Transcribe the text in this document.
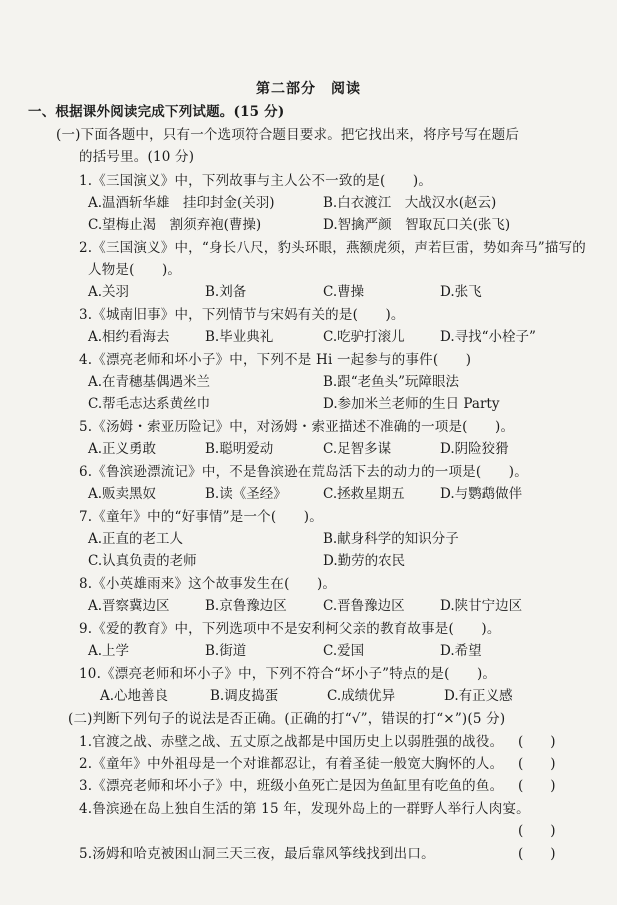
第二部分　阅读
一、根据课外阅读完成下列试题。(15 分)
(一)下面各题中，只有一个选项符合题目要求。把它找出来，将序号写在题后
的括号里。(10 分)
1.《三国演义》中，下列故事与主人公不一致的是(　　)。
A.温酒斩华雄　挂印封金(关羽)	B.白衣渡江　大战汉水(赵云)
C.望梅止渴　割须弃袍(曹操)	D.智擒严颜　智取瓦口关(张飞)
2.《三国演义》中，“身长八尺，豹头环眼，燕额虎须，声若巨雷，势如奔马”描写的
人物是(　　)。
A.关羽	B.刘备	C.曹操	D.张飞
3.《城南旧事》中，下列情节与宋妈有关的是(　　)。
A.相约看海去	B.毕业典礼	C.吃驴打滚儿	D.寻找“小栓子”
4.《漂亮老师和坏小子》中，下列不是 Hi 一起参与的事件(　　)
A.在青穗基偶遇米兰	B.跟“老鱼头”玩障眼法
C.帮毛志达系黄丝巾	D.参加米兰老师的生日 Party
5.《汤姆・索亚历险记》中，对汤姆・索亚描述不准确的一项是(　　)。
A.正义勇敢	B.聪明爱动	C.足智多谋	D.阴险狡猾
6.《鲁滨逊漂流记》中，不是鲁滨逊在荒岛活下去的动力的一项是(　　)。
A.贩卖黑奴	B.读《圣经》	C.拯救星期五	D.与鹦鹉做伴
7.《童年》中的“好事情”是一个(　　)。
A.正直的老工人	B.献身科学的知识分子
C.认真负责的老师	D.勤劳的农民
8.《小英雄雨来》这个故事发生在(　　)。
A.晋察冀边区	B.京鲁豫边区	C.晋鲁豫边区	D.陕甘宁边区
9.《爱的教育》中，下列选项中不是安利柯父亲的教育故事是(　　)。
A.上学	B.街道	C.爱国	D.希望
10.《漂亮老师和坏小子》中，下列不符合“坏小子”特点的是(　　)。
A.心地善良	B.调皮捣蛋	C.成绩优异	D.有正义感
(二)判断下列句子的说法是否正确。(正确的打“√”，错误的打“×”)(5 分)
1.官渡之战、赤壁之战、五丈原之战都是中国历史上以弱胜强的战役。 (　　)
2.《童年》中外祖母是一个对谁都忍让，有着圣徒一般宽大胸怀的人。 (　　)
3.《漂亮老师和坏小子》中，班级小鱼死亡是因为鱼缸里有吃鱼的鱼。 (　　)
4.鲁滨逊在岛上独自生活的第 15 年，发现外岛上的一群野人举行人肉宴。
(　　)
5.汤姆和哈克被困山洞三天三夜，最后靠风筝线找到出口。	(　　)
